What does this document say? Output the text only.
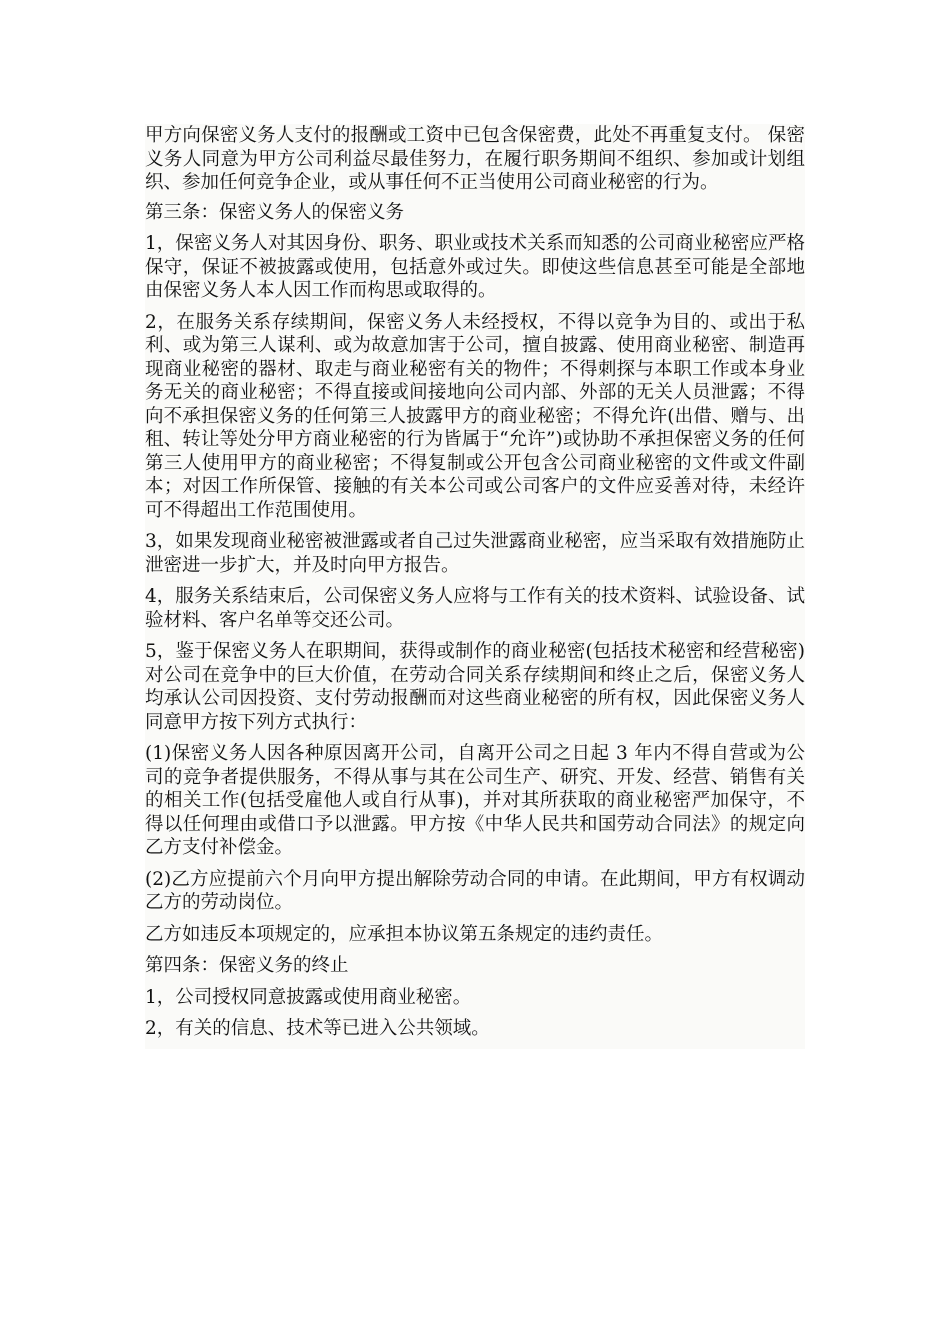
甲方向保密义务人支付的报酬或工资中已包含保密费，此处不再重复支付。 保密义务人同意为甲方公司利益尽最佳努力，在履行职务期间不组织、参加或计划组织、参加任何竞争企业，或从事任何不正当使用公司商业秘密的行为。

第三条：保密义务人的保密义务

1，保密义务人对其因身份、职务、职业或技术关系而知悉的公司商业秘密应严格保守，保证不被披露或使用，包括意外或过失。即使这些信息甚至可能是全部地由保密义务人本人因工作而构思或取得的。

2，在服务关系存续期间，保密义务人未经授权，不得以竞争为目的、或出于私利、或为第三人谋利、或为故意加害于公司，擅自披露、使用商业秘密、制造再现商业秘密的器材、取走与商业秘密有关的物件；不得刺探与本职工作或本身业务无关的商业秘密；不得直接或间接地向公司内部、外部的无关人员泄露；不得向不承担保密义务的任何第三人披露甲方的商业秘密；不得允许(出借、赠与、出租、转让等处分甲方商业秘密的行为皆属于“允许”)或协助不承担保密义务的任何第三人使用甲方的商业秘密；不得复制或公开包含公司商业秘密的文件或文件副本；对因工作所保管、接触的有关本公司或公司客户的文件应妥善对待，未经许可不得超出工作范围使用。

3，如果发现商业秘密被泄露或者自己过失泄露商业秘密，应当采取有效措施防止泄密进一步扩大，并及时向甲方报告。

4，服务关系结束后，公司保密义务人应将与工作有关的技术资料、试验设备、试验材料、客户名单等交还公司。

5，鉴于保密义务人在职期间，获得或制作的商业秘密(包括技术秘密和经营秘密)对公司在竞争中的巨大价值，在劳动合同关系存续期间和终止之后，保密义务人均承认公司因投资、支付劳动报酬而对这些商业秘密的所有权，因此保密义务人同意甲方按下列方式执行：

(1)保密义务人因各种原因离开公司，自离开公司之日起 3 年内不得自营或为公司的竞争者提供服务，不得从事与其在公司生产、研究、开发、经营、销售有关的相关工作(包括受雇他人或自行从事)，并对其所获取的商业秘密严加保守，不得以任何理由或借口予以泄露。甲方按《中华人民共和国劳动合同法》的规定向乙方支付补偿金。

(2)乙方应提前六个月向甲方提出解除劳动合同的申请。在此期间，甲方有权调动乙方的劳动岗位。

乙方如违反本项规定的，应承担本协议第五条规定的违约责任。

第四条：保密义务的终止

1，公司授权同意披露或使用商业秘密。

2，有关的信息、技术等已进入公共领域。
